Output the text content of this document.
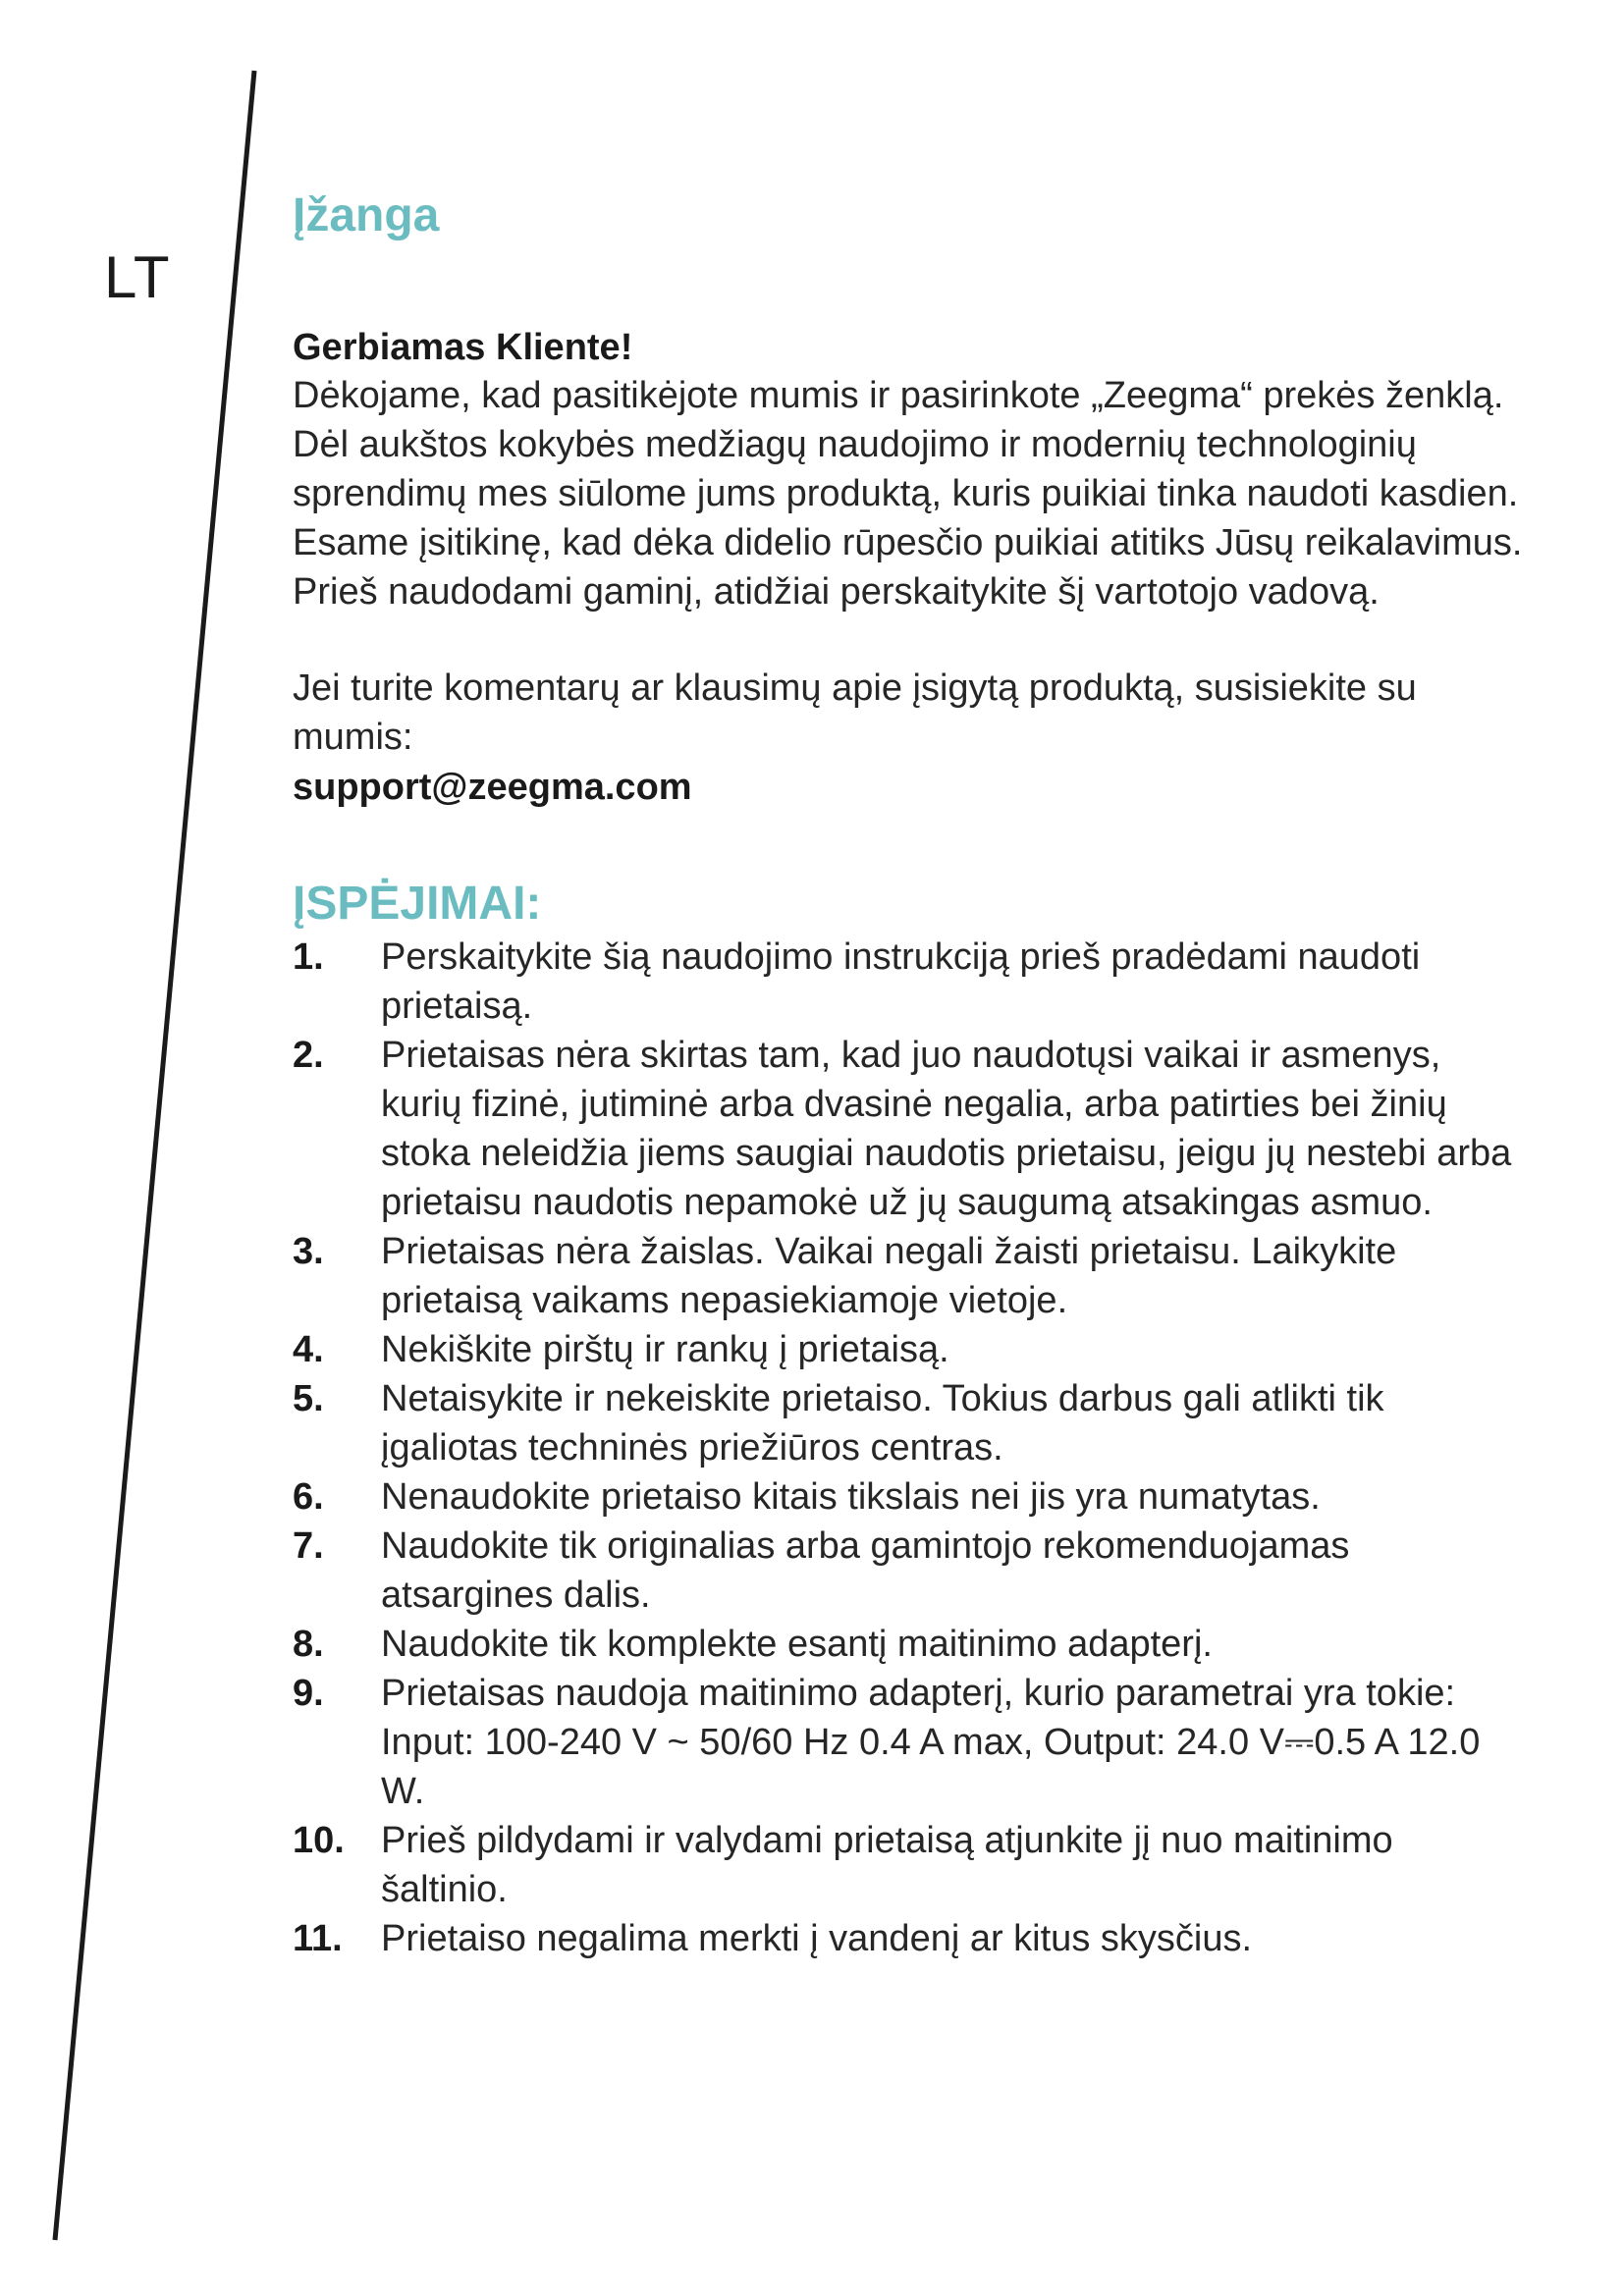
LT
Įžanga

Gerbiamas Kliente!

Dėkojame, kad pasitikėjote mumis ir pasirinkote „Zeegma“ prekės ženklą.

Dėl aukštos kokybės medžiagų naudojimo ir modernių technologinių sprendimų mes siūlome jums produktą, kuris puikiai tinka naudoti kasdien. Esame įsitikinę, kad dėka didelio rūpesčio puikiai atitiks Jūsų reikalavimus.

Prieš naudodami gaminį, atidžiai perskaitykite šį vartotojo vadovą.

Jei turite komentarų ar klausimų apie įsigytą produktą, susisiekite su mumis:

support@zeegma.com

ĮSPĖJIMAI:
1. Perskaitykite šią naudojimo instrukciją prieš pradėdami naudoti prietaisą.
2. Prietaisas nėra skirtas tam, kad juo naudotųsi vaikai ir asmenys, kurių fizinė, jutiminė arba dvasinė negalia, arba patirties bei žinių stoka neleidžia jiems saugiai naudotis prietaisu, jeigu jų nestebi arba prietaisu naudotis nepamokė už jų saugumą atsakingas asmuo.
3. Prietaisas nėra žaislas. Vaikai negali žaisti prietaisu. Laikykite prietaisą vaikams nepasiekiamoje vietoje.
4. Nekiškite pirštų ir rankų į prietaisą.
5. Netaisykite ir nekeiskite prietaiso. Tokius darbus gali atlikti tik įgaliotas techninės priežiūros centras.
6. Nenaudokite prietaiso kitais tikslais nei jis yra numatytas.
7. Naudokite tik originalias arba gamintojo rekomenduojamas atsargines dalis.
8. Naudokite tik komplekte esantį maitinimo adapterį.
9. Prietaisas naudoja maitinimo adapterį, kurio parametrai yra tokie: Input: 100-240 V ~ 50/60 Hz 0.4 A max, Output: 24.0 V⎓0.5 A 12.0 W.
10. Prieš pildydami ir valydami prietaisą atjunkite jį nuo maitinimo šaltinio.
11. Prietaiso negalima merkti į vandenį ar kitus skysčius.
